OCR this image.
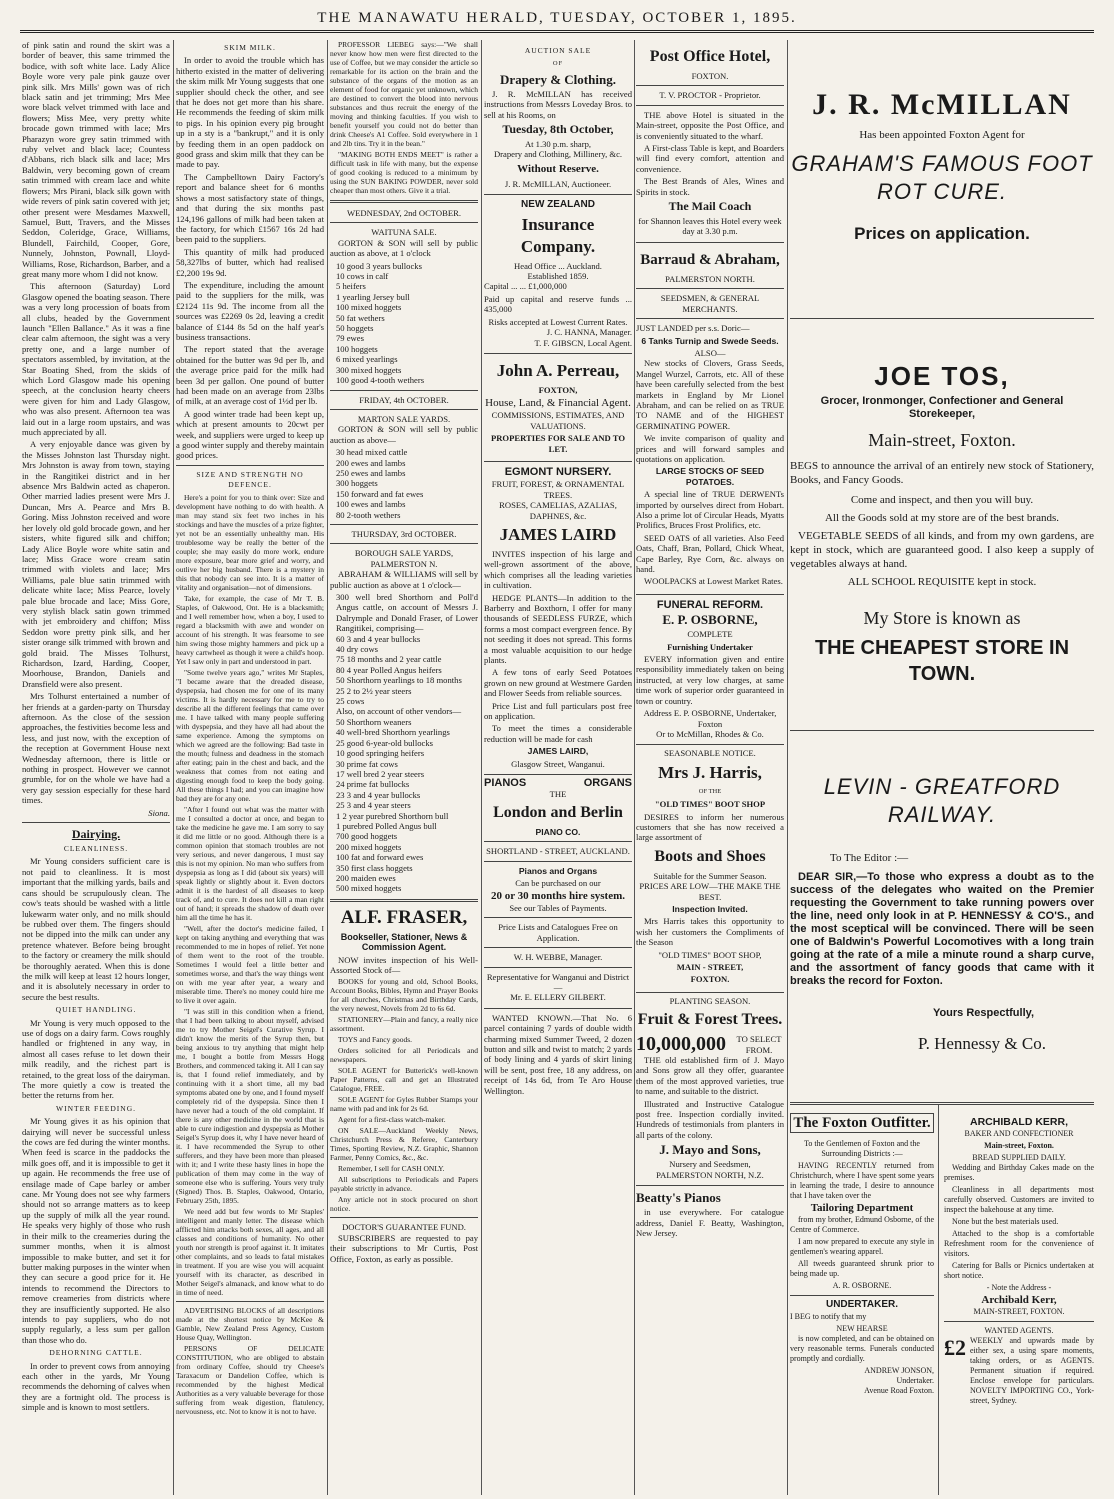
THE MANAWATU HERALD, TUESDAY, OCTOBER 1, 1895.

of pink satin and round the skirt was a border of beaver, this same trimmed the bodice, with soft white lace. Lady Alice Boyle wore very pale pink gauze over pink silk. Mrs Mills' gown was of rich black satin and jet trimming; Mrs Mee wore black velvet trimmed with lace and flowers; Miss Mee, very pretty white brocade gown trimmed with lace; Mrs Pharazyn wore grey satin trimmed with ruby velvet and black lace; Countess d'Abbans, rich black silk and lace; Mrs Baldwin, very becoming gown of cream satin trimmed with cream lace and white flowers; Mrs Pirani, black silk gown with wide revers of pink satin covered with jet; other present were Mesdames Maxwell, Samuel, Butt, Travers, and the Misses Seddon, Coleridge, Grace, Williams, Blundell, Fairchild, Cooper, Gore, Nunnely, Johnston, Pownall, Lloyd-Williams, Rose, Richardson, Barber, and a great many more whom I did not know.

This afternoon (Saturday) Lord Glasgow opened the boating season. There was a very long procession of boats from all clubs, headed by the Government launch "Ellen Ballance." As it was a fine clear calm afternoon, the sight was a very pretty one, and a large number of spectators assembled, by invitation, at the Star Boating Shed, from the skids of which Lord Glasgow made his opening speech, at the conclusion hearty cheers were given for him and Lady Glasgow, who was also present. Afternoon tea was laid out in a large room upstairs, and was much appreciated by all.

A very enjoyable dance was given by the Misses Johnston last Thursday night. Mrs Johnston is away from town, staying in the Rangitikei district and in her absence Mrs Baldwin acted as chaperon. Other married ladies present were Mrs J. Duncan, Mrs A. Pearce and Mrs B. Goring. Miss Johnston received and wore her lovely old gold brocade gown, and her sisters, white figured silk and chiffon; Lady Alice Boyle wore white satin and lace; Miss Grace wore cream satin trimmed with violets and lace; Mrs Williams, pale blue satin trimmed with delicate white lace; Miss Pearce, lovely pale blue brocade and lace; Miss Gore, very stylish black satin gown trimmed with jet embroidery and chiffon; Miss Seddon wore pretty pink silk, and her sister orange silk trimmed with brown and gold braid. The Misses Tolhurst, Richardson, Izard, Harding, Cooper, Moorhouse, Brandon, Daniels and Dransfield were also present.

Mrs Tolhurst entertained a number of her friends at a garden-party on Thursday afternoon. As the close of the session approaches, the festivities become less and less, and just now, with the exception of the reception at Government House next Wednesday afternoon, there is little or nothing in prospect. However we cannot grumble, for on the whole we have had a very gay session especially for these hard times.

Siona.

Dairying.
CLEANLINESS.

Mr Young considers sufficient care is not paid to cleanliness. It is most important that the milking yards, bails and cans should be scrupulously clean. The cow's teats should be washed with a little lukewarm water only, and no milk should be rubbed over them. The fingers should not be dipped into the milk can under any pretence whatever. Before being brought to the factory or creamery the milk should be thoroughly aerated. When this is done the milk will keep at least 12 hours longer, and it is absolutely necessary in order to secure the best results.

QUIET HANDLING.

Mr Young is very much opposed to the use of dogs on a dairy farm. Cows roughly handled or frightened in any way, in almost all cases refuse to let down their milk readily, and the richest part is retained, to the great loss of the dairyman. The more quietly a cow is treated the better the returns from her.

WINTER FEEDING.

Mr Young gives it as his opinion that dairying will never be successful unless the cows are fed during the winter months. When feed is scarce in the paddocks the milk goes off, and it is impossible to get it up again. He recommends the free use of ensilage made of Cape barley or amber cane. Mr Young does not see why farmers should not so arrange matters as to keep up the supply of milk all the year round. He speaks very highly of those who rush in their milk to the creameries during the summer months, when it is almost impossible to make butter, and set it for butter making purposes in the winter when they can secure a good price for it. He intends to recommend the Directors to remove creameries from districts where they are insufficiently supported. He also intends to pay suppliers, who do not supply regularly, a less sum per gallon than those who do.

DEHORNING CATTLE.

In order to prevent cows from annoying each other in the yards, Mr Young recommends the dehorning of calves when they are a fortnight old. The process is simple and is known to most settlers.

SKIM MILK.

In order to avoid the trouble which has hitherto existed in the matter of delivering the skim milk Mr Young suggests that one supplier should check the other, and see that he does not get more than his share. He recommends the feeding of skim milk to pigs. In his opinion every pig brought up in a sty is a "bankrupt," and it is only by feeding them in an open paddock on good grass and skim milk that they can be made to pay.

The Campbelltown Dairy Factory's report and balance sheet for 6 months shows a most satisfactory state of things, and that during the six months past 124,196 gallons of milk had been taken at the factory, for which £1567 16s 2d had been paid to the suppliers.

This quantity of milk had produced 58,327lbs of butter, which had realised £2,200 19s 9d.

The expenditure, including the amount paid to the suppliers for the milk, was £2124 11s 9d. The income from all the sources was £2269 0s 2d, leaving a credit balance of £144 8s 5d on the half year's business transactions.

The report stated that the average obtained for the butter was 9d per lb, and the average price paid for the milk had been 3d per gallon. One pound of butter had been made on an average from 23lbs of milk, at an average cost of 1½d per lb.

A good winter trade had been kept up, which at present amounts to 20cwt per week, and suppliers were urged to keep up a good winter supply and thereby maintain good prices.

SIZE AND STRENGTH NO DEFENCE.

Here's a point for you to think over: Size and development have nothing to do with health. A man may stand six feet two inches in his stockings and have the muscles of a prize fighter, yet not be an essentially unhealthy man. His troublesome way be really the better of the couple; she may easily do more work, endure more exposure, bear more grief and worry, and outlive her big husband. There is a mystery in this that nobody can see into. It is a matter of vitality and organisation—not of dimensions.

Take, for example, the case of Mr T. B. Staples, of Oakwood, Ont. He is a blacksmith; and I well remember how, when a boy, I used to regard a blacksmith with awe and wonder on account of his strength. It was fearsome to see him swing those mighty hammers and pick up a heavy cartwheel as though it were a child's hoop. Yet I saw only in part and understood in part.

"Some twelve years ago," writes Mr Staples, "I became aware that the dreaded disease, dyspepsia, had chosen me for one of its many victims. It is hardly necessary for me to try to describe all the different feelings that came over me. I have talked with many people suffering with dyspepsia, and they have all had about the same experience. Among the symptoms on which we agreed are the following: Bad taste in the mouth; fulness and deadness in the stomach after eating; pain in the chest and back, and the weakness that comes from not eating and digesting enough food to keep the body going. All these things I had; and you can imagine how bad they are for any one.

"After I found out what was the matter with me I consulted a doctor at once, and began to take the medicine he gave me. I am sorry to say it did me little or no good. Although there is a common opinion that stomach troubles are not very serious, and never dangerous, I must say this is not my opinion. No man who suffers from dyspepsia as long as I did (about six years) will speak lightly or slightly about it. Even doctors admit it is the hardest of all diseases to keep track of, and to cure. It does not kill a man right out of hand; it spreads the shadow of death over him all the time he has it.

"Well, after the doctor's medicine failed, I kept on taking anything and everything that was recommended to me in hopes of relief. Yet none of them went to the root of the trouble. Sometimes I would feel a little better and sometimes worse, and that's the way things went on with me year after year, a weary and miserable time. There's no money could hire me to live it over again.

"I was still in this condition when a friend, that I had been talking to about myself, advised me to try Mother Seigel's Curative Syrup. I didn't know the merits of the Syrup then, but being anxious to try anything that might help me, I bought a bottle from Messrs Hogg Brothers, and commenced taking it. All I can say is, that I found relief immediately, and by continuing with it a short time, all my bad symptoms abated one by one, and I found myself completely rid of the dyspepsia. Since then I have never had a touch of the old complaint. If there is any other medicine in the world that is able to cure indigestion and dyspepsia as Mother Seigel's Syrup does it, why I have never heard of it. I have recommended the Syrup to other sufferers, and they have been more than pleased with it; and I write these hasty lines in hope the publication of them may come in the way of someone else who is suffering. Yours very truly (Signed) Thos. B. Staples, Oakwood, Ontario, February 25th, 1895.

We need add but few words to Mr Staples' intelligent and manly letter. The disease which afflicted him attacks both sexes, all ages, and all classes and conditions of humanity. No other youth nor strength is proof against it. It imitates other complaints, and so leads to fatal mistakes in treatment. If you are wise you will acquaint yourself with its character, as described in Mother Seigel's almanack, and know what to do in time of need.

ADVERTISING BLOCKS of all descriptions made at the shortest notice by McKee & Gamble, New Zealand Press Agency, Custom House Quay, Wellington.

PERSONS OF DELICATE CONSTITUTION, who are obliged to abstain from ordinary Coffee, should try Cheese's Taraxacum or Dandelion Coffee, which is recommended by the highest Medical Authorities as a very valuable beverage for those suffering from weak digestion, flatulency, nervousness, etc. Not to know it is not to have.

PROFESSOR LIEBEG says:—"We shall never know how men were first directed to the use of Coffee, but we may consider the article so remarkable for its action on the brain and the substance of the organs of the motion as an element of food for organic yet unknown, which are destined to convert the blood into nervous substances and thus recruit the energy of the moving and thinking faculties. If you wish to benefit yourself you could not do better than drink Cheese's A1 Coffee. Sold everywhere in 1 and 2lb tins. Try it in the bean."

"MAKING BOTH ENDS MEET" is rather a difficult task in life with many, but the expense of good cooking is reduced to a minimum by using the SUN BAKING POWDER, never sold cheaper than most others. Give it a trial.

WEDNESDAY, 2nd OCTOBER.
WAITUNA SALE.

GORTON & SON will sell by public auction as above, at 1 o'clock

10 good 3 years bullocks
10 cows in calf
5 heifers
1 yearling Jersey bull
100 mixed hoggets
50 fat wethers
50 hoggets
79 ewes
100 hoggets
6 mixed yearlings
300 mixed hoggets
100 good 4-tooth wethers
FRIDAY, 4th OCTOBER.
MARTON SALE YARDS.

GORTON & SON will sell by public auction as above—

30 head mixed cattle
200 ewes and lambs
250 ewes and lambs
300 hoggets
150 forward and fat ewes
100 ewes and lambs
80 2-tooth wethers
THURSDAY, 3rd OCTOBER.
BOROUGH SALE YARDS, PALMERSTON N.

ABRAHAM & WILLIAMS will sell by public auction as above at 1 o'clock—

300 well bred Shorthorn and Poll'd Angus cattle, on account of Messrs J. Dalrymple and Donald Fraser, of Lower Rangitikei, comprising—
60 3 and 4 year bullocks
40 dry cows
75 18 months and 2 year cattle
80 4 year Polled Angus heifers
50 Shorthorn yearlings to 18 months
25 2 to 2½ year steers
25 cows
Also, on account of other vendors—
50 Shorthorn weaners
40 well-bred Shorthorn yearlings
25 good 6-year-old bullocks
10 good springing heifers
30 prime fat cows
17 well bred 2 year steers
24 prime fat bullocks
23 3 and 4 year bullocks
25 3 and 4 year steers
1 2 year purebred Shorthorn bull
1 purebred Polled Angus bull
700 good hoggets
200 mixed hoggets
100 fat and forward ewes
350 first class hoggets
200 maiden ewes
500 mixed hoggets
ALF. FRASER,
Bookseller, Stationer, News & Commission Agent.

NOW invites inspection of his Well-Assorted Stock of—

BOOKS for young and old, School Books, Account Books, Bibles, Hymn and Prayer Books for all churches, Christmas and Birthday Cards, the very newest, Novels from 2d to 6s 6d.

STATIONERY—Plain and fancy, a really nice assortment.

TOYS and Fancy goods.

Orders solicited for all Periodicals and newspapers.

SOLE AGENT for Butterick's well-known Paper Patterns, call and get an Illustrated Catalogue, FREE.

SOLE AGENT for Gyles Rubber Stamps your name with pad and ink for 2s 6d.

Agent for a first-class watch-maker.

ON SALE—Auckland Weekly News, Christchurch Press & Referee, Canterbury Times, Sporting Review, N.Z. Graphic, Shannon Farmer, Penny Comics, &c., &c.

Remember, I sell for CASH ONLY.

All subscriptions to Periodicals and Papers payable strictly in advance.

Any article not in stock procured on short notice.

DOCTOR'S GUARANTEE FUND.

SUBSCRIBERS are requested to pay their subscriptions to Mr Curtis, Post Office, Foxton, as early as possible.

AUCTION SALE
OF
Drapery & Clothing.

J. R. McMILLAN has received instructions from Messrs Loveday Bros. to sell at his Rooms, on

Tuesday, 8th October,
At 1.30 p.m. sharp,
Drapery and Clothing, Millinery, &c.
Without Reserve.
J. R. McMILLAN, Auctioneer.
NEW ZEALAND
Insurance Company.
Head Office ... Auckland.
Established 1859.

Capital ... ... £1,000,000

Paid up capital and reserve funds ... 435,000

Risks accepted at Lowest Current Rates.
J. C. HANNA, Manager.
T. F. GIBSCN, Local Agent.
John A. Perreau,
FOXTON,
House, Land, & Financial Agent.
COMMISSIONS, ESTIMATES, AND VALUATIONS.
PROPERTIES FOR SALE AND TO LET.
EGMONT NURSERY.
FRUIT, FOREST, & ORNAMENTAL TREES.
ROSES, CAMELIAS, AZALIAS, DAPHNES, &c.
JAMES LAIRD

INVITES inspection of his large and well-grown assortment of the above, which comprises all the leading varieties in cultivation.

HEDGE PLANTS—In addition to the Barberry and Boxthorn, I offer for many thousands of SEEDLESS FURZE, which forms a most compact evergreen fence. By not seeding it does not spread. This forms a most valuable acquisition to our hedge plants.

A few tons of early Seed Potatoes grown on new ground at Westmere Garden and Flower Seeds from reliable sources.

Price List and full particulars post free on application.

To meet the times a considerable reduction will be made for cash

JAMES LAIRD,
Glasgow Street, Wanganui.
PIANOS	ORGANS
THE
London and Berlin
PIANO CO.
SHORTLAND - STREET, AUCKLAND.
Pianos and Organs
Can be purchased on our
20 or 30 months hire system.
See our Tables of Payments.
Price Lists and Catalogues Free on Application.
W. H. WEBBE, Manager.
Representative for Wanganui and District—
Mr. E. ELLERY GILBERT.

WANTED KNOWN.—That No. 6 parcel containing 7 yards of double width charming mixed Summer Tweed, 2 dozen button and silk and twist to match; 2 yards of body lining and 4 yards of skirt lining will be sent, post free, 18 any address, on receipt of 14s 6d, from Te Aro House Wellington.

Post Office Hotel,
FOXTON.
T. V. PROCTOR - Proprietor.

THE above Hotel is situated in the Main-street, opposite the Post Office, and is conveniently situated to the wharf.

A First-class Table is kept, and Boarders will find every comfort, attention and convenience.

The Best Brands of Ales, Wines and Spirits in stock.

The Mail Coach
for Shannon leaves this Hotel every week day at 3.30 p.m.
Barraud & Abraham,
PALMERSTON NORTH.
SEEDSMEN, & GENERAL MERCHANTS.

JUST LANDED per s.s. Doric—

6 Tanks Turnip and Swede Seeds.
ALSO—

New stocks of Clovers, Grass Seeds, Mangel Wurzel, Carrots, etc. All of these have been carefully selected from the best markets in England by Mr Lionel Abraham, and can be relied on as TRUE TO NAME and of the HIGHEST GERMINATING POWER.

We invite comparison of quality and prices and will forward samples and quotations on application.

LARGE STOCKS OF SEED POTATOES.

A special line of TRUE DERWENTs imported by ourselves direct from Hobart. Also a prime lot of Circular Heads, Myatts Prolifics, Bruces Frost Prolifics, etc.

SEED OATS of all varieties. Also Feed Oats, Chaff, Bran, Pollard, Chick Wheat, Cape Barley, Rye Corn, &c. always on hand.

WOOLPACKS at Lowest Market Rates.

FUNERAL REFORM.
E. P. OSBORNE,
COMPLETE
Furnishing Undertaker

EVERY information given and entire responsibility immediately taken on being instructed, at very low charges, at same time work of superior order guaranteed in town or country.

Address E. P. OSBORNE, Undertaker, Foxton
Or to McMillan, Rhodes & Co.
SEASONABLE NOTICE.
Mrs J. Harris,
OF THE
"OLD TIMES" BOOT SHOP

DESIRES to inform her numerous customers that she has now received a large assortment of

Boots and Shoes
Suitable for the Summer Season.
PRICES ARE LOW—THE MAKE THE BEST.
Inspection Invited.

Mrs Harris takes this opportunity to wish her customers the Compliments of the Season

"OLD TIMES" BOOT SHOP,
MAIN - STREET,
FOXTON.
PLANTING SEASON.
Fruit & Forest Trees.
10,000,000 TO SELECT FROM.

THE old established firm of J. Mayo and Sons grow all they offer, guarantee them of the most approved varieties, true to name, and suitable to the district.

Illustrated and Instructive Catalogue post free. Inspection cordially invited. Hundreds of testimonials from planters in all parts of the colony.

J. Mayo and Sons,
Nursery and Seedsmen,
PALMERSTON NORTH, N.Z.
Beatty's Pianos

in use everywhere. For catalogue address, Daniel F. Beatty, Washington, New Jersey.

J. R. McMILLAN
Has been appointed Foxton Agent for
GRAHAM'S FAMOUS FOOT ROT CURE.
Prices on application.
JOE TOS,
Grocer, Ironmonger, Confectioner and General Storekeeper,
Main-street, Foxton.

BEGS to announce the arrival of an entirely new stock of Stationery, Books, and Fancy Goods.

Come and inspect, and then you will buy.

All the Goods sold at my store are of the best brands.

VEGETABLE SEEDS of all kinds, and from my own gardens, are kept in stock, which are guaranteed good. I also keep a supply of vegetables always at hand.

ALL SCHOOL REQUISITE kept in stock.

My Store is known as
THE CHEAPEST STORE IN TOWN.
LEVIN - GREATFORD RAILWAY.

To The Editor :—

DEAR SIR,—To those who express a doubt as to the success of the delegates who waited on the Premier requesting the Government to take running powers over the line, need only look in at P. HENNESSY & CO'S., and the most sceptical will be convinced. There will be seen one of Baldwin's Powerful Locomotives with a long train going at the rate of a mile a minute round a sharp curve, and the assortment of fancy goods that came with it breaks the record for Foxton.

Yours Respectfully,
P. Hennessy & Co.
The Foxton Outfitter.

To the Gentlemen of Foxton and the Surrounding Districts :—

HAVING RECENTLY returned from Christchurch, where I have spent some years in learning the trade, I desire to announce that I have taken over the

Tailoring Department

from my brother, Edmund Osborne, of the Centre of Commerce.

I am now prepared to execute any style in gentlemen's wearing apparel.

All tweeds guaranteed shrunk prior to being made up.

A. R. OSBORNE.
UNDERTAKER.

I BEG to notify that my

NEW HEARSE

is now completed, and can be obtained on very reasonable terms. Funerals conducted promptly and cordially.

ANDREW JONSON,
Undertaker.
Avenue Road Foxton.
ARCHIBALD KERR,
BAKER AND CONFECTIONER
Main-street, Foxton.
BREAD SUPPLIED DAILY.

Wedding and Birthday Cakes made on the premises.

Cleanliness in all departments most carefully observed. Customers are invited to inspect the bakehouse at any time.

None but the best materials used.

Attached to the shop is a comfortable Refreshment room for the convenience of visitors.

Catering for Balls or Picnics undertaken at short notice.

- Note the Address -
Archibald Kerr,
MAIN-STREET, FOXTON.
WANTED AGENTS.
£2 WEEKLY and upwards made by either sex, a using spare moments, taking orders, or as AGENTS. Permanent situation if required. Enclose envelope for particulars. NOVELTY IMPORTING CO., York-street, Sydney.
